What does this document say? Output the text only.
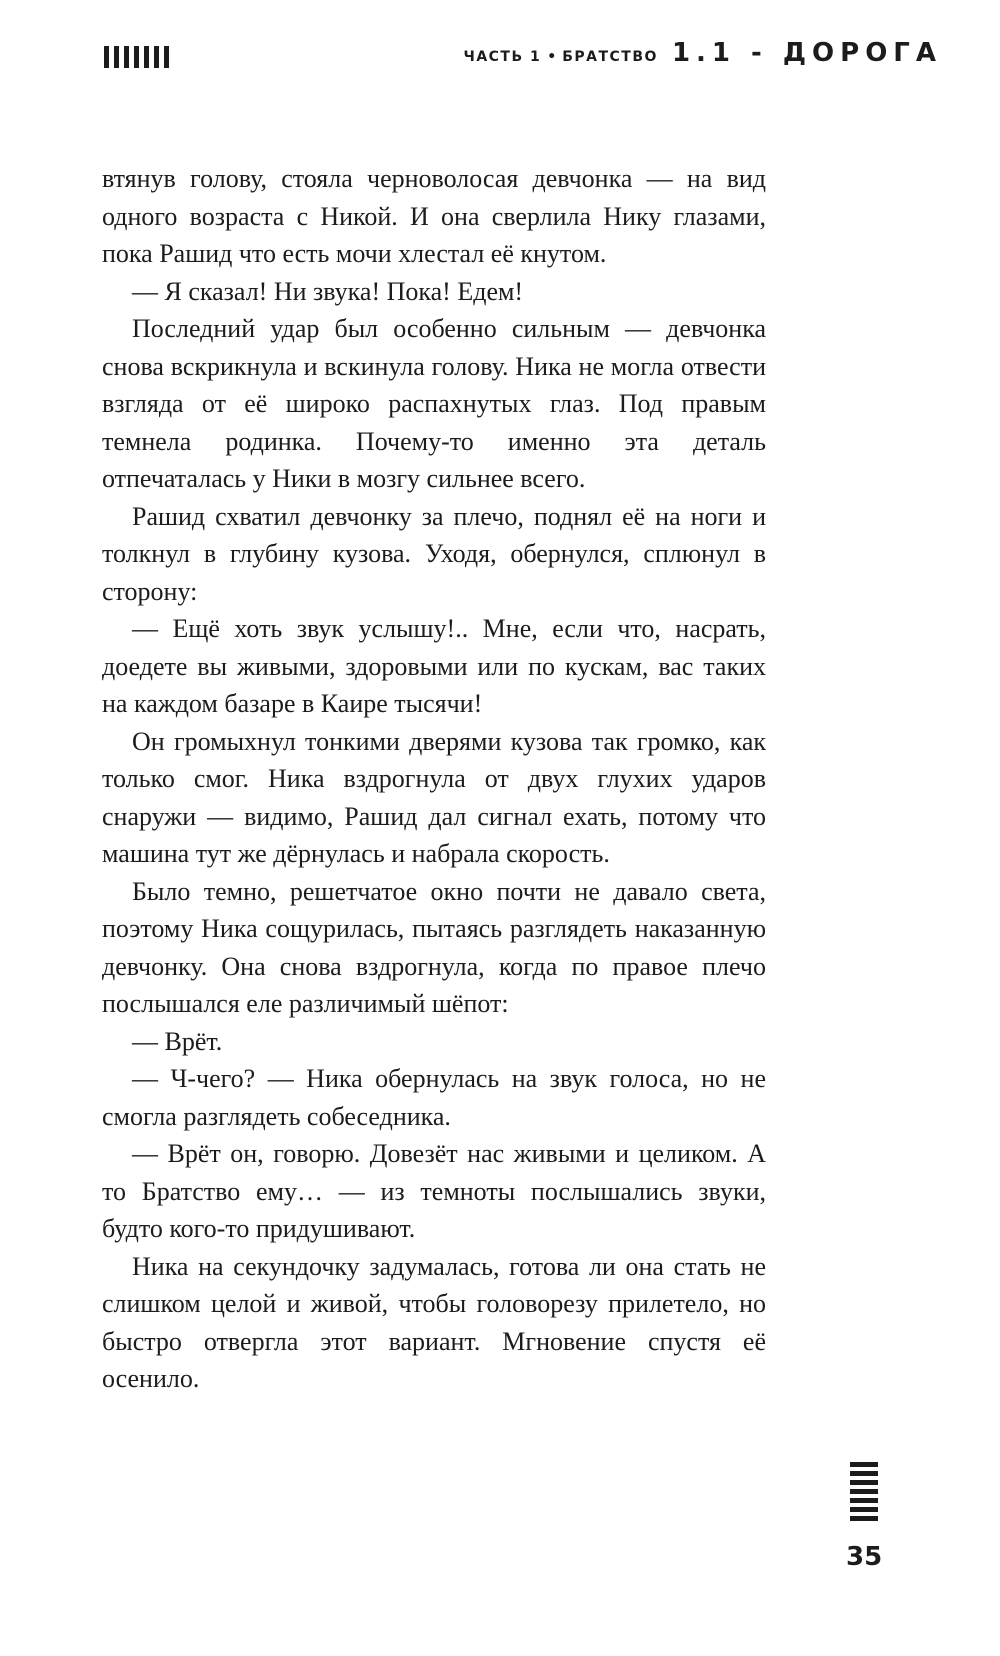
ЧАСТЬ 1 • БРАТСТВО 1.1 - ДОРОГА

втянув голову, стояла черноволосая девчонка — на вид одного возраста с Никой. И она сверлила Нику глазами, пока Рашид что есть мочи хлестал её кнутом.

— Я сказал! Ни звука! Пока! Едем!

Последний удар был особенно сильным — девчонка снова вскрикнула и вскинула голову. Ника не могла отвести взгляда от её широко распахнутых глаз. Под правым темнела родинка. Почему-то именно эта деталь отпечаталась у Ники в мозгу сильнее всего.

Рашид схватил девчонку за плечо, поднял её на ноги и толкнул в глубину кузова. Уходя, обернулся, сплюнул в сторону:

— Ещё хоть звук услышу!.. Мне, если что, насрать, доедете вы живыми, здоровыми или по кускам, вас таких на каждом базаре в Каире тысячи!

Он громыхнул тонкими дверями кузова так громко, как только смог. Ника вздрогнула от двух глухих ударов снаружи — видимо, Рашид дал сигнал ехать, потому что машина тут же дёрнулась и набрала скорость.

Было темно, решетчатое окно почти не давало света, поэтому Ника сощурилась, пытаясь разглядеть наказанную девчонку. Она снова вздрогнула, когда по правое плечо послышался еле различимый шёпот:

— Врёт.

— Ч-чего? — Ника обернулась на звук голоса, но не смогла разглядеть собеседника.

— Врёт он, говорю. Довезёт нас живыми и целиком. А то Братство ему… — из темноты послышались звуки, будто кого-то придушивают.

Ника на секундочку задумалась, готова ли она стать не слишком целой и живой, чтобы головорезу прилетело, но быстро отвергла этот вариант. Мгновение спустя её осенило.

35
